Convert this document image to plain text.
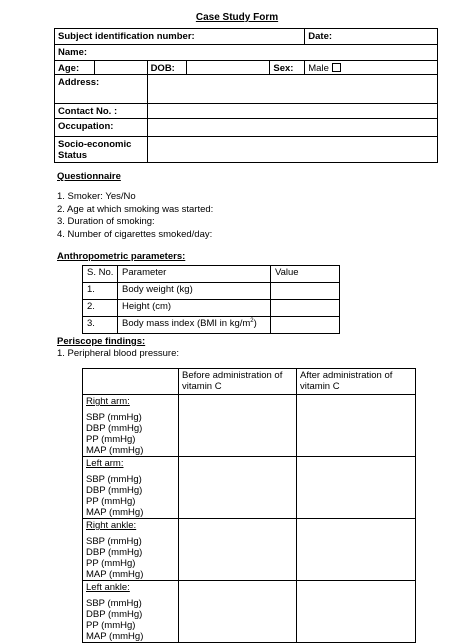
Case Study Form
Subject identification number:					Date:
Name:					
Age:		DOB:		Sex:	Male
Address:					
Contact No. :					
Occupation:					

Socio-economic
Status					

Questionnaire
1. Smoker: Yes/No
2. Age at which smoking was started:
3. Duration of smoking:
4. Number of cigarettes smoked/day:
Anthropometric parameters:
S. No.	Parameter	Value
1.	Body weight (kg)	
2.	Height (cm)	
3.	Body mass index (BMI in $kg/m^2$)	
Periscope findings:
1. Peripheral blood pressure:
	Before administration of vitamin C	After administration of vitamin C

Right arm:
SBP (mmHg)
DBP (mmHg)
PP (mmHg)
MAP (mmHg)		

Left arm:
SBP (mmHg)
DBP (mmHg)
PP (mmHg)
MAP (mmHg)		

Right ankle:
SBP (mmHg)
DBP (mmHg)
PP (mmHg)
MAP (mmHg)		

Left ankle:
SBP (mmHg)
DBP (mmHg)
PP (mmHg)
MAP (mmHg)		
